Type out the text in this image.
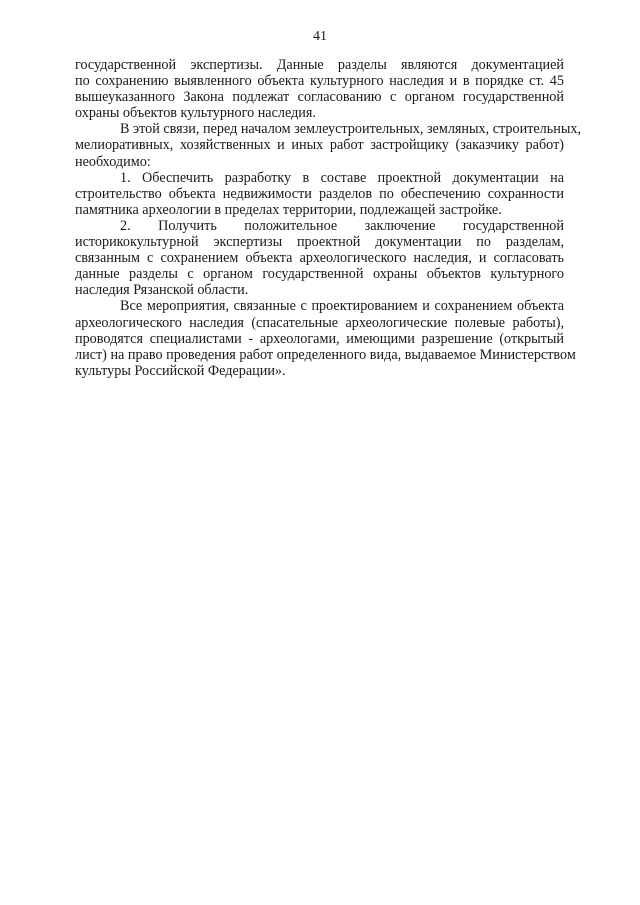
41
государственной экспертизы. Данные разделы являются документацией
по сохранению выявленного объекта культурного наследия и в порядке ст. 45
вышеуказанного Закона подлежат согласованию с органом государственной
охраны объектов культурного наследия.
В этой связи, перед началом землеустроительных, земляных, строительных,
мелиоративных, хозяйственных и иных работ застройщику (заказчику работ)
необходимо:
1. Обеспечить разработку в составе проектной документации на
строительство объекта недвижимости разделов по обеспечению сохранности
памятника археологии в пределах территории, подлежащей застройке.
2. Получить положительное заключение государственной
историкокультурной экспертизы проектной документации по разделам,
связанным с сохранением объекта археологического наследия, и согласовать
данные разделы с органом государственной охраны объектов культурного
наследия Рязанской области.
Все мероприятия, связанные с проектированием и сохранением объекта
археологического наследия (спасательные археологические полевые работы),
проводятся специалистами - археологами, имеющими разрешение (открытый
лист) на право проведения работ определенного вида, выдаваемое Министерством
культуры Российской Федерации».
